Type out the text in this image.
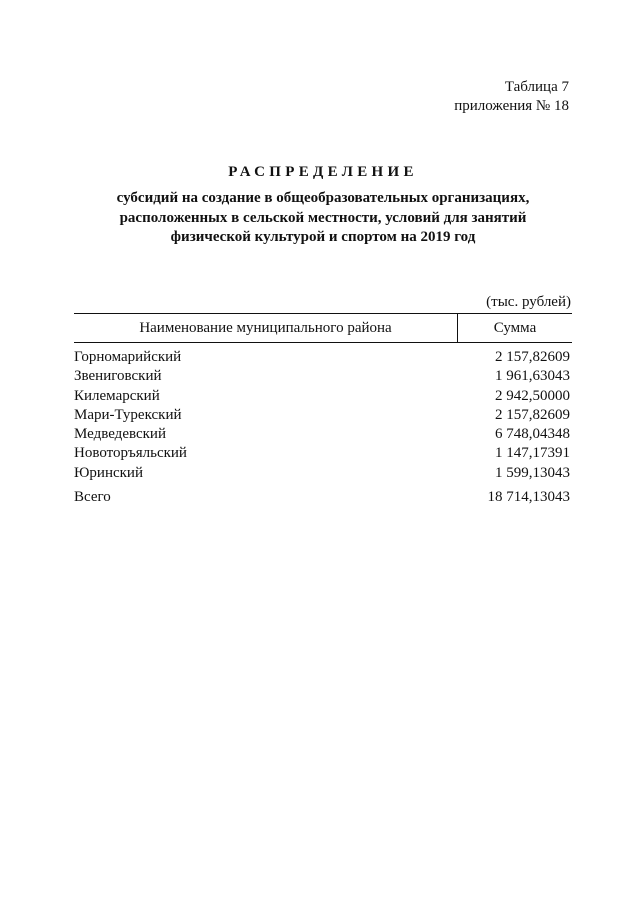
Таблица 7
приложения № 18
РАСПРЕДЕЛЕНИЕ
субсидий на создание в общеобразовательных организациях,
расположенных в сельской местности, условий для занятий
физической культурой и спортом на 2019 год
(тыс. рублей)
Наименование муниципального района	Сумма
Горномарийский	2 157,82609
Звениговский	1 961,63043
Килемарский	2 942,50000
Мари-Турекский	2 157,82609
Медведевский	6 748,04348
Новоторъяльский	1 147,17391
Юринский	1 599,13043
Всего	18 714,13043
